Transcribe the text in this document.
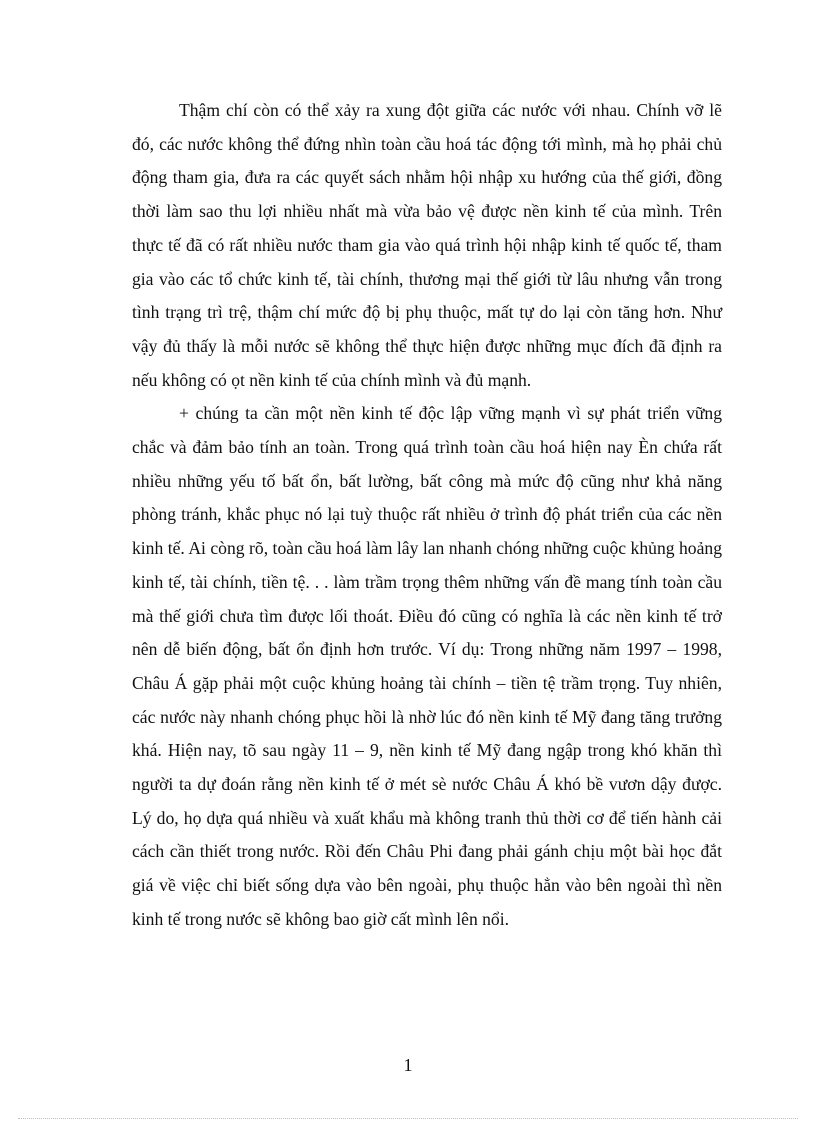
Thậm chí còn có thể xảy ra xung đột giữa các nước với nhau. Chính vỡ lẽ đó, các nước không thể đứng nhìn toàn cầu hoá tác động tới mình, mà họ phải chủ động tham gia, đưa ra các quyết sách nhằm hội nhập xu hướng của thế giới, đồng thời làm sao thu lợi nhiều nhất mà vừa bảo vệ được nền kinh tế của mình. Trên thực tế đã có rất nhiều nước tham gia vào quá trình hội nhập kinh tế quốc tế, tham gia vào các tổ chức kinh tế, tài chính, thương mại thế giới từ lâu nhưng vẫn trong tình trạng trì trệ, thậm chí mức độ bị phụ thuộc, mất tự do lại còn tăng hơn. Như vậy đủ thấy là mỗi nước sẽ không thể thực hiện được những mục đích đã định ra nếu không có ọt nền kinh tế của chính mình và đủ mạnh.

+ chúng ta cần một nền kinh tế độc lập vững mạnh vì sự phát triển vững chắc và đảm bảo tính an toàn. Trong quá trình toàn cầu hoá hiện nay Èn chứa rất nhiều những yếu tố bất ổn, bất lường, bất công mà mức độ cũng như khả năng phòng tránh, khắc phục nó lại tuỳ thuộc rất nhiều ở trình độ phát triển của các nền kinh tế. Ai còng rõ, toàn cầu hoá làm lây lan nhanh chóng những cuộc khủng hoảng kinh tế, tài chính, tiền tệ. . . làm trầm trọng thêm những vấn đề mang tính toàn cầu mà thế giới chưa tìm được lối thoát. Điều đó cũng có nghĩa là các nền kinh tế trở nên dễ biến động, bất ổn định hơn trước. Ví dụ: Trong những năm 1997 – 1998, Châu Á gặp phải một cuộc khủng hoảng tài chính – tiền tệ trầm trọng. Tuy nhiên, các nước này nhanh chóng phục hồi là nhờ lúc đó nền kinh tế Mỹ đang tăng trưởng khá. Hiện nay, tõ sau ngày 11 – 9, nền kinh tế Mỹ đang ngập trong khó khăn thì người ta dự đoán rằng nền kinh tế ở mét sè nước Châu Á khó bề vươn dậy được. Lý do, họ dựa quá nhiều và xuất khẩu mà không tranh thủ thời cơ để tiến hành cải cách cần thiết trong nước. Rồi đến Châu Phi đang phải gánh chịu một bài học đắt giá về việc chỉ biết sống dựa vào bên ngoài, phụ thuộc hẳn vào bên ngoài thì nền kinh tế trong nước sẽ không bao giờ cất mình lên nổi.

1
